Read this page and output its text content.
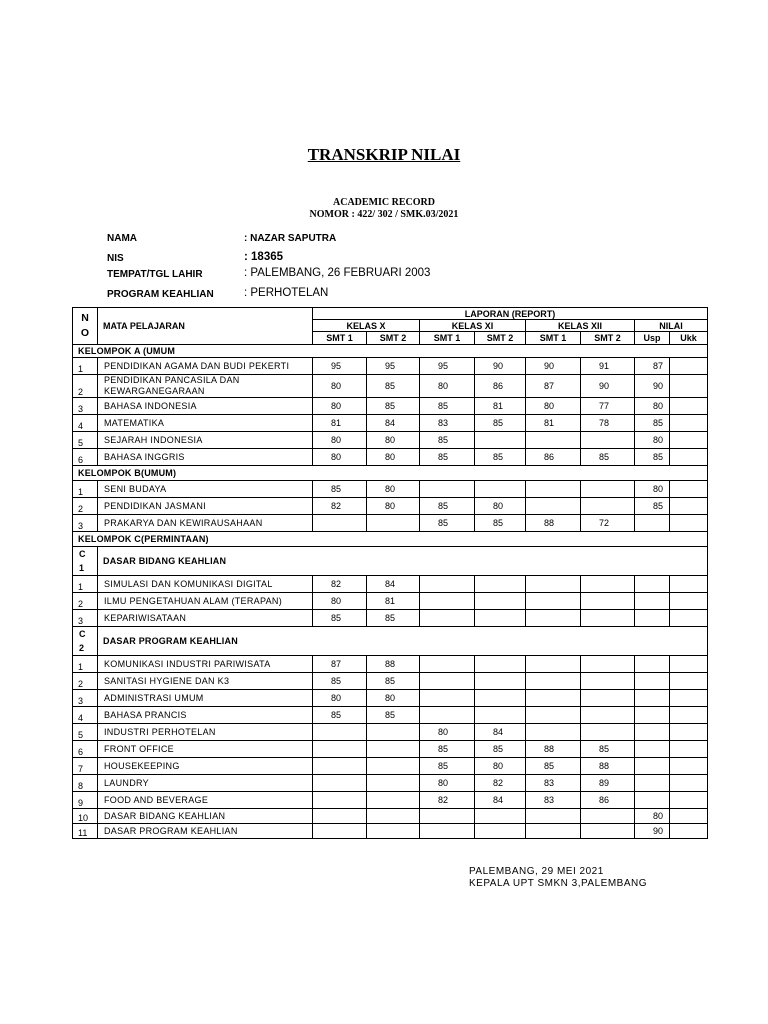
TRANSKRIP NILAI
ACADEMIC RECORD
NOMOR : 422/ 302 / SMK.03/2021
NAMA	: NAZAR SAPUTRA
NIS	: 18365
TEMPAT/TGL LAHIR	: PALEMBANG, 26 FEBRUARI 2003
PROGRAM KEAHLIAN	: PERHOTELAN
N
O	MATA PELAJARAN	LAPORAN (REPORT)							
		KELAS X		KELAS XI		KELAS XII		NILAI	
		SMT 1	SMT 2	SMT 1	SMT 2	SMT 1	SMT 2	Usp	Ukk
KELOMPOK A (UMUM									
1	PENDIDIKAN AGAMA DAN BUDI PEKERTI	95	95	95	90	90	91	87	
2	PENDIDIKAN PANCASILA DAN
KEWARGANEGARAAN	80	85	80	86	87	90	90	
3	BAHASA INDONESIA	80	85	85	81	80	77	80	
4	MATEMATIKA	81	84	83	85	81	78	85	
5	SEJARAH INDONESIA	80	80	85				80	
6	BAHASA INGGRIS	80	80	85	85	86	85	85	
KELOMPOK B(UMUM)									
1	SENI BUDAYA	85	80					80	
2	PENDIDIKAN JASMANI	82	80	85	80			85	
3	PRAKARYA DAN KEWIRAUSAHAAN			85	85	88	72		
KELOMPOK C(PERMINTAAN)									
C
1	DASAR BIDANG KEAHLIAN								
1	SIMULASI DAN KOMUNIKASI DIGITAL	82	84						
2	ILMU PENGETAHUAN ALAM (TERAPAN)	80	81						
3	KEPARIWISATAAN	85	85						
C
2	DASAR PROGRAM KEAHLIAN								
1	KOMUNIKASI INDUSTRI PARIWISATA	87	88						
2	SANITASI HYGIENE DAN K3	85	85						
3	ADMINISTRASI UMUM	80	80						
4	BAHASA PRANCIS	85	85						
5	INDUSTRI PERHOTELAN			80	84				
6	FRONT OFFICE			85	85	88	85		
7	HOUSEKEEPING			85	80	85	88		
8	LAUNDRY			80	82	83	89		
9	FOOD AND BEVERAGE			82	84	83	86		
10	DASAR BIDANG KEAHLIAN							80	
11	DASAR PROGRAM KEAHLIAN							90	
PALEMBANG, 29 MEI 2021
KEPALA UPT SMKN 3,PALEMBANG
